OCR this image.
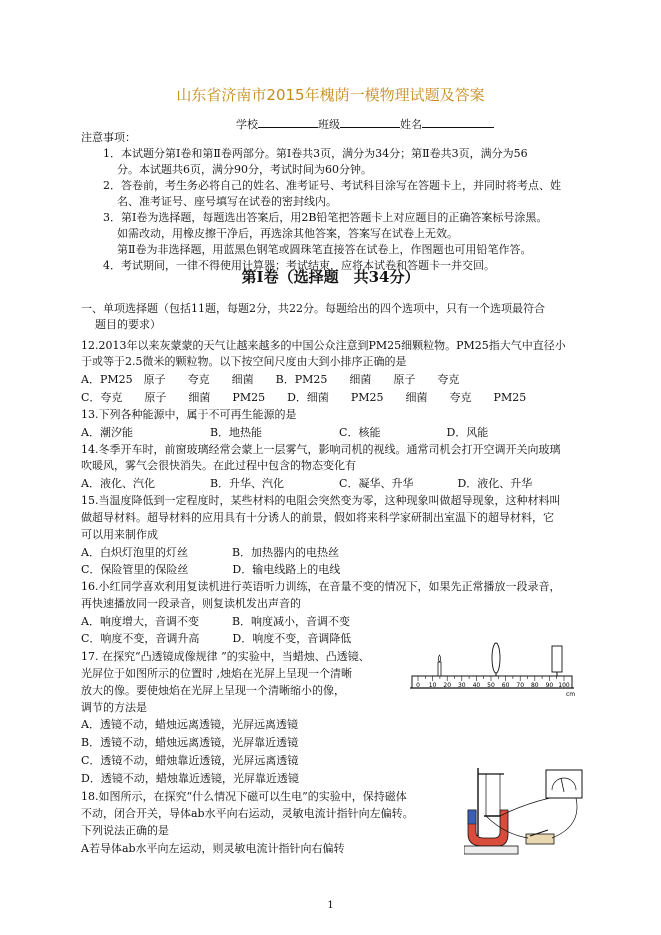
山东省济南市2015年槐荫一模物理试题及答案
学校	班级	姓名
注意事项：
1．本试题分第Ⅰ卷和第Ⅱ卷两部分。第Ⅰ卷共3页，满分为34分；第Ⅱ卷共3页，满分为56
分。本试题共6页，满分90分，考试时间为60分钟。
2．答卷前，考生务必将自己的姓名、准考证号、考试科目涂写在答题卡上，并同时将考点、姓
名、准考证号、座号填写在试卷的密封线内。
3．第Ⅰ卷为选择题，每题选出答案后，用2B铅笔把答题卡上对应题目的正确答案标号涂黑。
如需改动，用橡皮擦干净后，再选涂其他答案，答案写在试卷上无效。
第Ⅱ卷为非选择题，用蓝黑色钢笔或圆珠笔直接答在试卷上，作图题也可用铅笔作答。
4．考试期间，一律不得使用计算器；考试结束，应将本试卷和答题卡一并交回。
第Ⅰ卷（选择题　共34分）
一、单项选择题（包括11题，每题2分，共22分。每题给出的四个选项中，只有一个选项最符合
题目的要求）
12.2013年以来灰蒙蒙的天气让越来越多的中国公众注意到PM25细颗粒物。PM25指大气中直径小
于或等于2.5微米的颗粒物。以下按空间尺度由大到小排序正确的是
A．PM25　原子　　夸克　　细菌　　B．PM25　　细菌　　原子　　夸克
C．夸克　　原子　　细菌　　PM25　　D．细菌　　PM25　　细菌　　夸克　　PM25
13.下列各种能源中，属于不可再生能源的是
A．潮汐能　　　　　　　B．地热能　　　　　　　C．核能　　　　　　D．风能
14.冬季开车时，前窗玻璃经常会蒙上一层雾气，影响司机的视线。通常司机会打开空调开关向玻璃
吹暖风，雾气会很快消失。在此过程中包含的物态变化有
A．液化、汽化　　　　　B．升华、汽化　　　　　C．凝华、升华　　　　D．液化、升华
15.当温度降低到一定程度时，某些材料的电阻会突然变为零，这种现象叫做超导现象，这种材料叫
做超导材料。超导材料的应用具有十分诱人的前景，假如将来科学家研制出室温下的超导材料，它
可以用来制作成
A．白炽灯泡里的灯丝　　　　B．加热器内的电热丝
C．保险管里的保险丝　　　　D．输电线路上的电线
16.小红同学喜欢利用复读机进行英语听力训练，在音量不变的情况下，如果先正常播放一段录音，
再快速播放同一段录音，则复读机发出声音的
A．响度增大，音调不变　　　B．响度减小，音调不变
C．响度不变，音调升高　　　D．响度不变，音调降低
17. 在探究“凸透镜成像规律 ”的实验中，当蜡烛、凸透镜、
光屏位于如图所示的位置时 ,烛焰在光屏上呈现一个清晰
放大的像。要使烛焰在光屏上呈现一个清晰缩小的像，
调节的方法是
A．透镜不动，蜡烛远离透镜，光屏远离透镜
B．透镜不动，蜡烛远离透镜，光屏靠近透镜
C．透镜不动，蜡烛靠近透镜，光屏远离透镜
D．透镜不动，蜡烛靠近透镜，光屏靠近透镜
0 10 20 30 40 50 60 70 80 90 100
cm
18.如图所示，在探究“什么情况下磁可以生电”的实验中，保持磁体
不动，闭合开关，导体ab水平向右运动，灵敏电流计指针向左偏转。
下列说法正确的是
A若导体ab水平向左运动，则灵敏电流计指针向右偏转
1
